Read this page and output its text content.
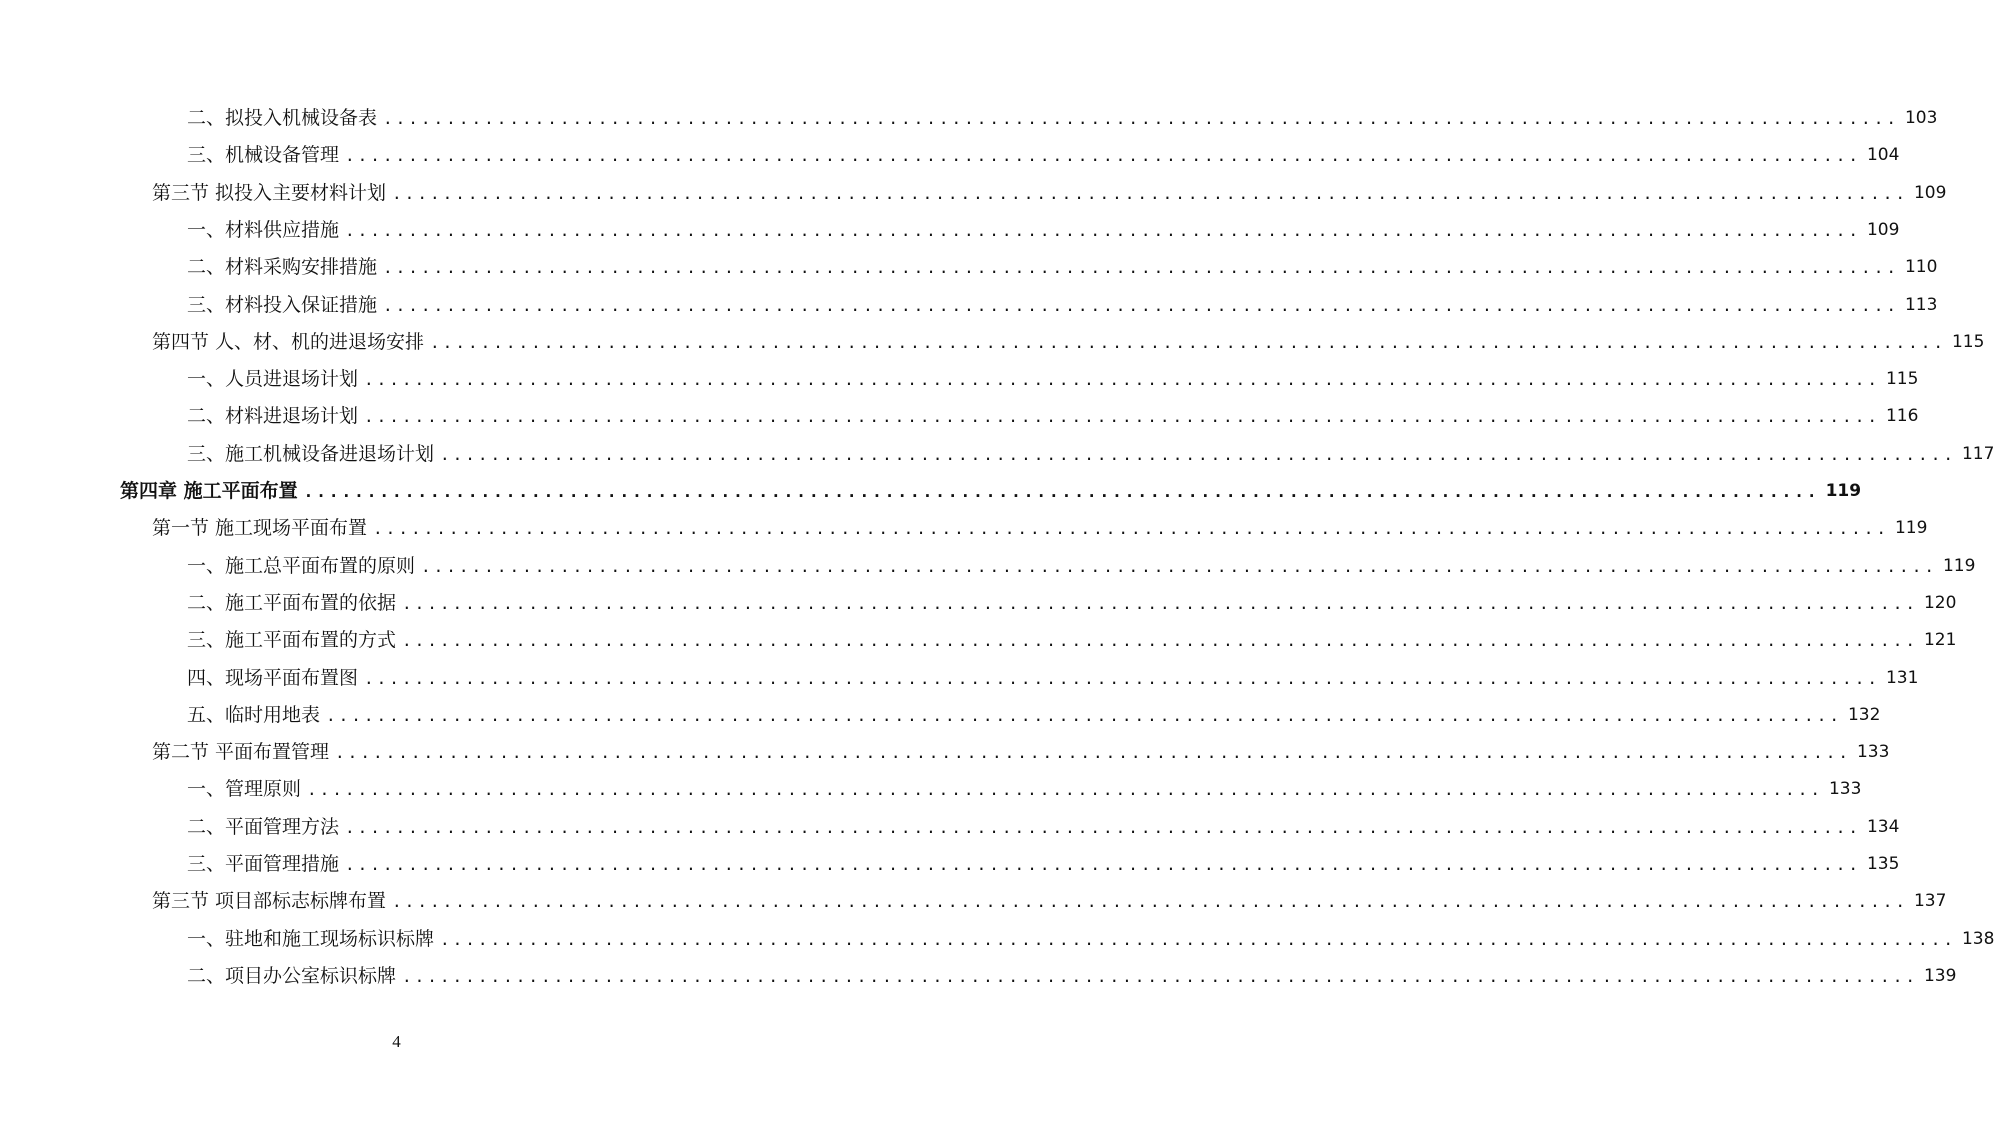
二、拟投入机械设备表 ........................................................................................................................ 103
三、机械设备管理 ........................................................................................................................ 104
第三节 拟投入主要材料计划 ........................................................................................................................ 109
一、材料供应措施 ........................................................................................................................ 109
二、材料采购安排措施 ........................................................................................................................ 110
三、材料投入保证措施 ........................................................................................................................ 113
第四节 人、材、机的进退场安排 ........................................................................................................................ 115
一、人员进退场计划 ........................................................................................................................ 115
二、材料进退场计划 ........................................................................................................................ 116
三、施工机械设备进退场计划 ........................................................................................................................ 117
第四章 施工平面布置 ........................................................................................................................ 119
第一节 施工现场平面布置 ........................................................................................................................ 119
一、施工总平面布置的原则 ........................................................................................................................ 119
二、施工平面布置的依据 ........................................................................................................................ 120
三、施工平面布置的方式 ........................................................................................................................ 121
四、现场平面布置图 ........................................................................................................................ 131
五、临时用地表 ........................................................................................................................ 132
第二节 平面布置管理 ........................................................................................................................ 133
一、管理原则 ........................................................................................................................ 133
二、平面管理方法 ........................................................................................................................ 134
三、平面管理措施 ........................................................................................................................ 135
第三节 项目部标志标牌布置 ........................................................................................................................ 137
一、驻地和施工现场标识标牌 ........................................................................................................................ 138
二、项目办公室标识标牌 ........................................................................................................................ 139
4
